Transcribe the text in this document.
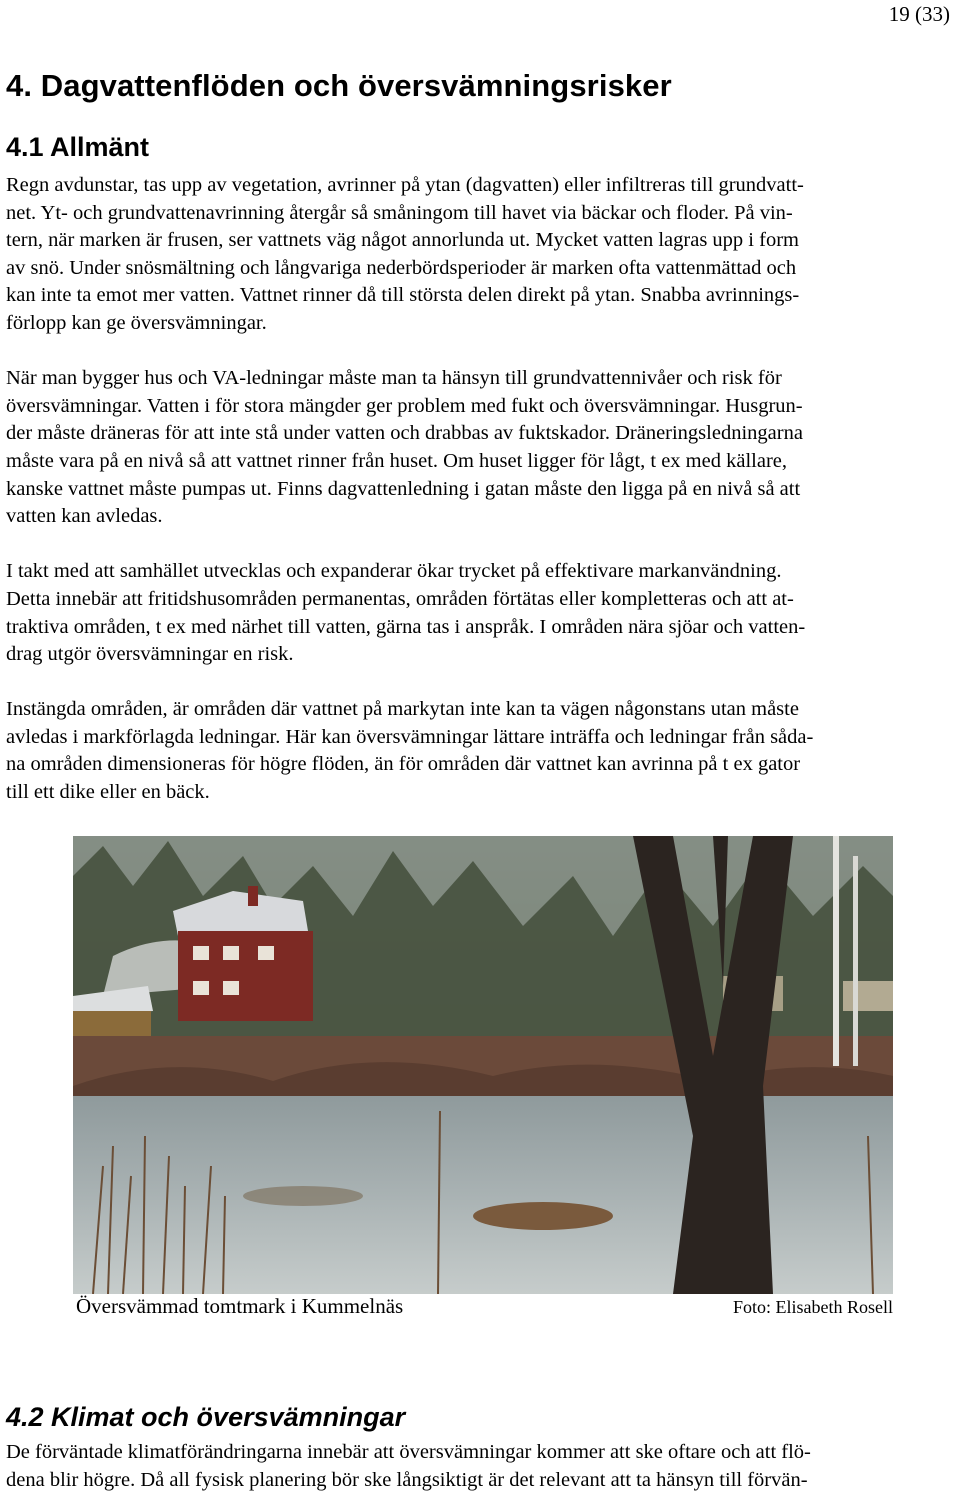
19 (33)
4. Dagvattenflöden och översvämningsrisker
4.1 Allmänt

Regn avdunstar, tas upp av vegetation, avrinner på ytan (dagvatten) eller infiltreras till grundvatt-
net. Yt- och grundvattenavrinning återgår så småningom till havet via bäckar och floder. På vin-
tern, när marken är frusen, ser vattnets väg något annorlunda ut. Mycket vatten lagras upp i form
av snö. Under snösmältning och långvariga nederbördsperioder är marken ofta vattenmättad och
kan inte ta emot mer vatten. Vattnet rinner då till största delen direkt på ytan. Snabba avrinnings-
förlopp kan ge översvämningar.

När man bygger hus och VA-ledningar måste man ta hänsyn till grundvattennivåer och risk för
översvämningar. Vatten i för stora mängder ger problem med fukt och översvämningar. Husgrun-
der måste dräneras för att inte stå under vatten och drabbas av fuktskador. Dräneringsledningarna
måste vara på en nivå så att vattnet rinner från huset. Om huset ligger för lågt, t ex med källare,
kanske vattnet måste pumpas ut. Finns dagvattenledning i gatan måste den ligga på en nivå så att
vatten kan avledas.

I takt med att samhället utvecklas och expanderar ökar trycket på effektivare markanvändning.
Detta innebär att fritidshusområden permanentas, områden förtätas eller kompletteras och att at-
traktiva områden, t ex med närhet till vatten, gärna tas i anspråk. I områden nära sjöar och vatten-
drag utgör översvämningar en risk.

Instängda områden, är områden där vattnet på markytan inte kan ta vägen någonstans utan måste
avledas i markförlagda ledningar. Här kan översvämningar lättare inträffa och ledningar från såda-
na områden dimensioneras för högre flöden, än för områden där vattnet kan avrinna på t ex gator
till ett dike eller en bäck.

Översvämmad tomtmark i Kummelnäs	Foto: Elisabeth Rosell
4.2 Klimat och översvämningar

De förväntade klimatförändringarna innebär att översvämningar kommer att ske oftare och att flö-
dena blir högre. Då all fysisk planering bör ske långsiktigt är det relevant att ta hänsyn till förvän-
